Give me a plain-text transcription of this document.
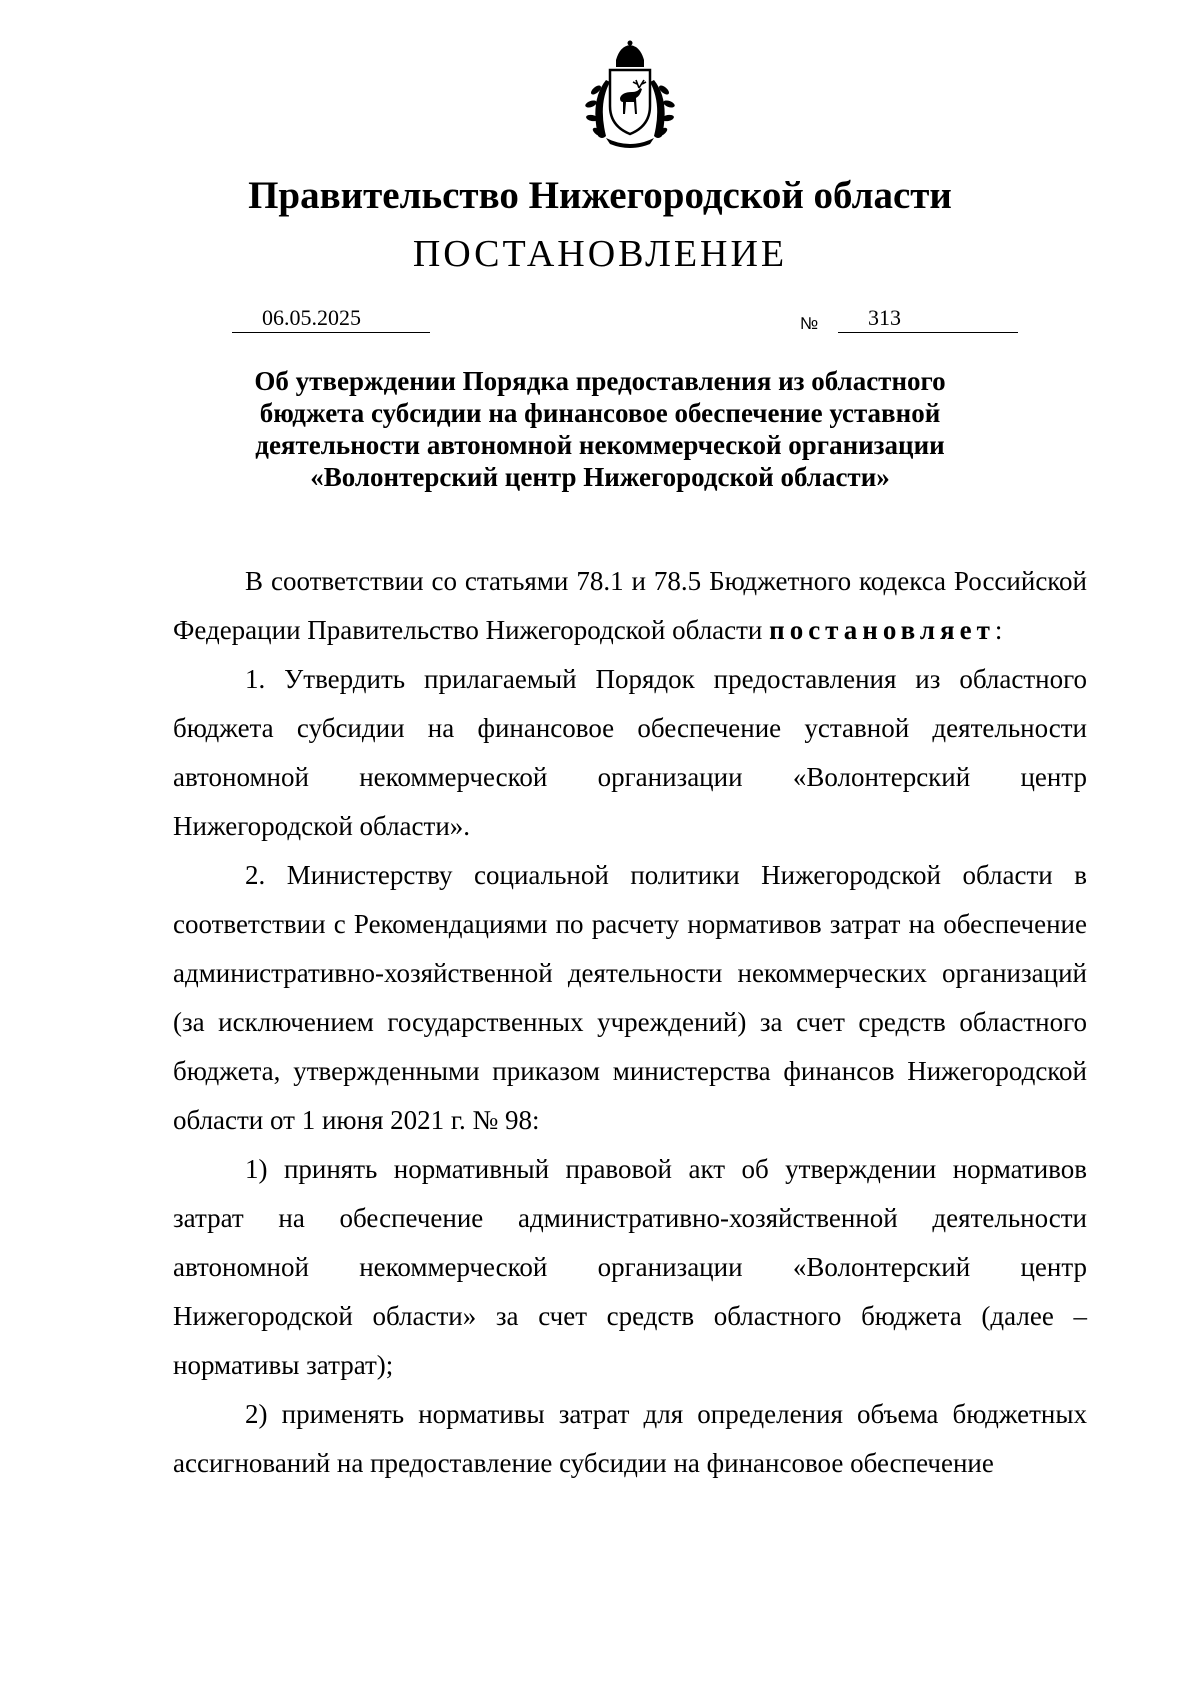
Правительство Нижегородской области
ПОСТАНОВЛЕНИЕ
06.05.2025	№ 313
Об утверждении Порядка предоставления из областного
бюджета субсидии на финансовое обеспечение уставной
деятельности автономной некоммерческой организации
«Волонтерский центр Нижегородской области»

В соответствии со статьями 78.1 и 78.5 Бюджетного кодекса Российской Федерации Правительство Нижегородской области постановляет:

1. Утвердить прилагаемый Порядок предоставления из областного бюджета субсидии на финансовое обеспечение уставной деятельности автономной некоммерческой организации «Волонтерский центр Нижегородской области».

2. Министерству социальной политики Нижегородской области в соответствии с Рекомендациями по расчету нормативов затрат на обеспечение административно-хозяйственной деятельности некоммерческих организаций (за исключением государственных учреждений) за счет средств областного бюджета, утвержденными приказом министерства финансов Нижегородской области от 1 июня 2021 г. № 98:

1) принять нормативный правовой акт об утверждении нормативов затрат на обеспечение административно-хозяйственной деятельности автономной некоммерческой организации «Волонтерский центр Нижегородской области» за счет средств областного бюджета (далее – нормативы затрат);

2) применять нормативы затрат для определения объема бюджетных ассигнований на предоставление субсидии на финансовое обеспечение
